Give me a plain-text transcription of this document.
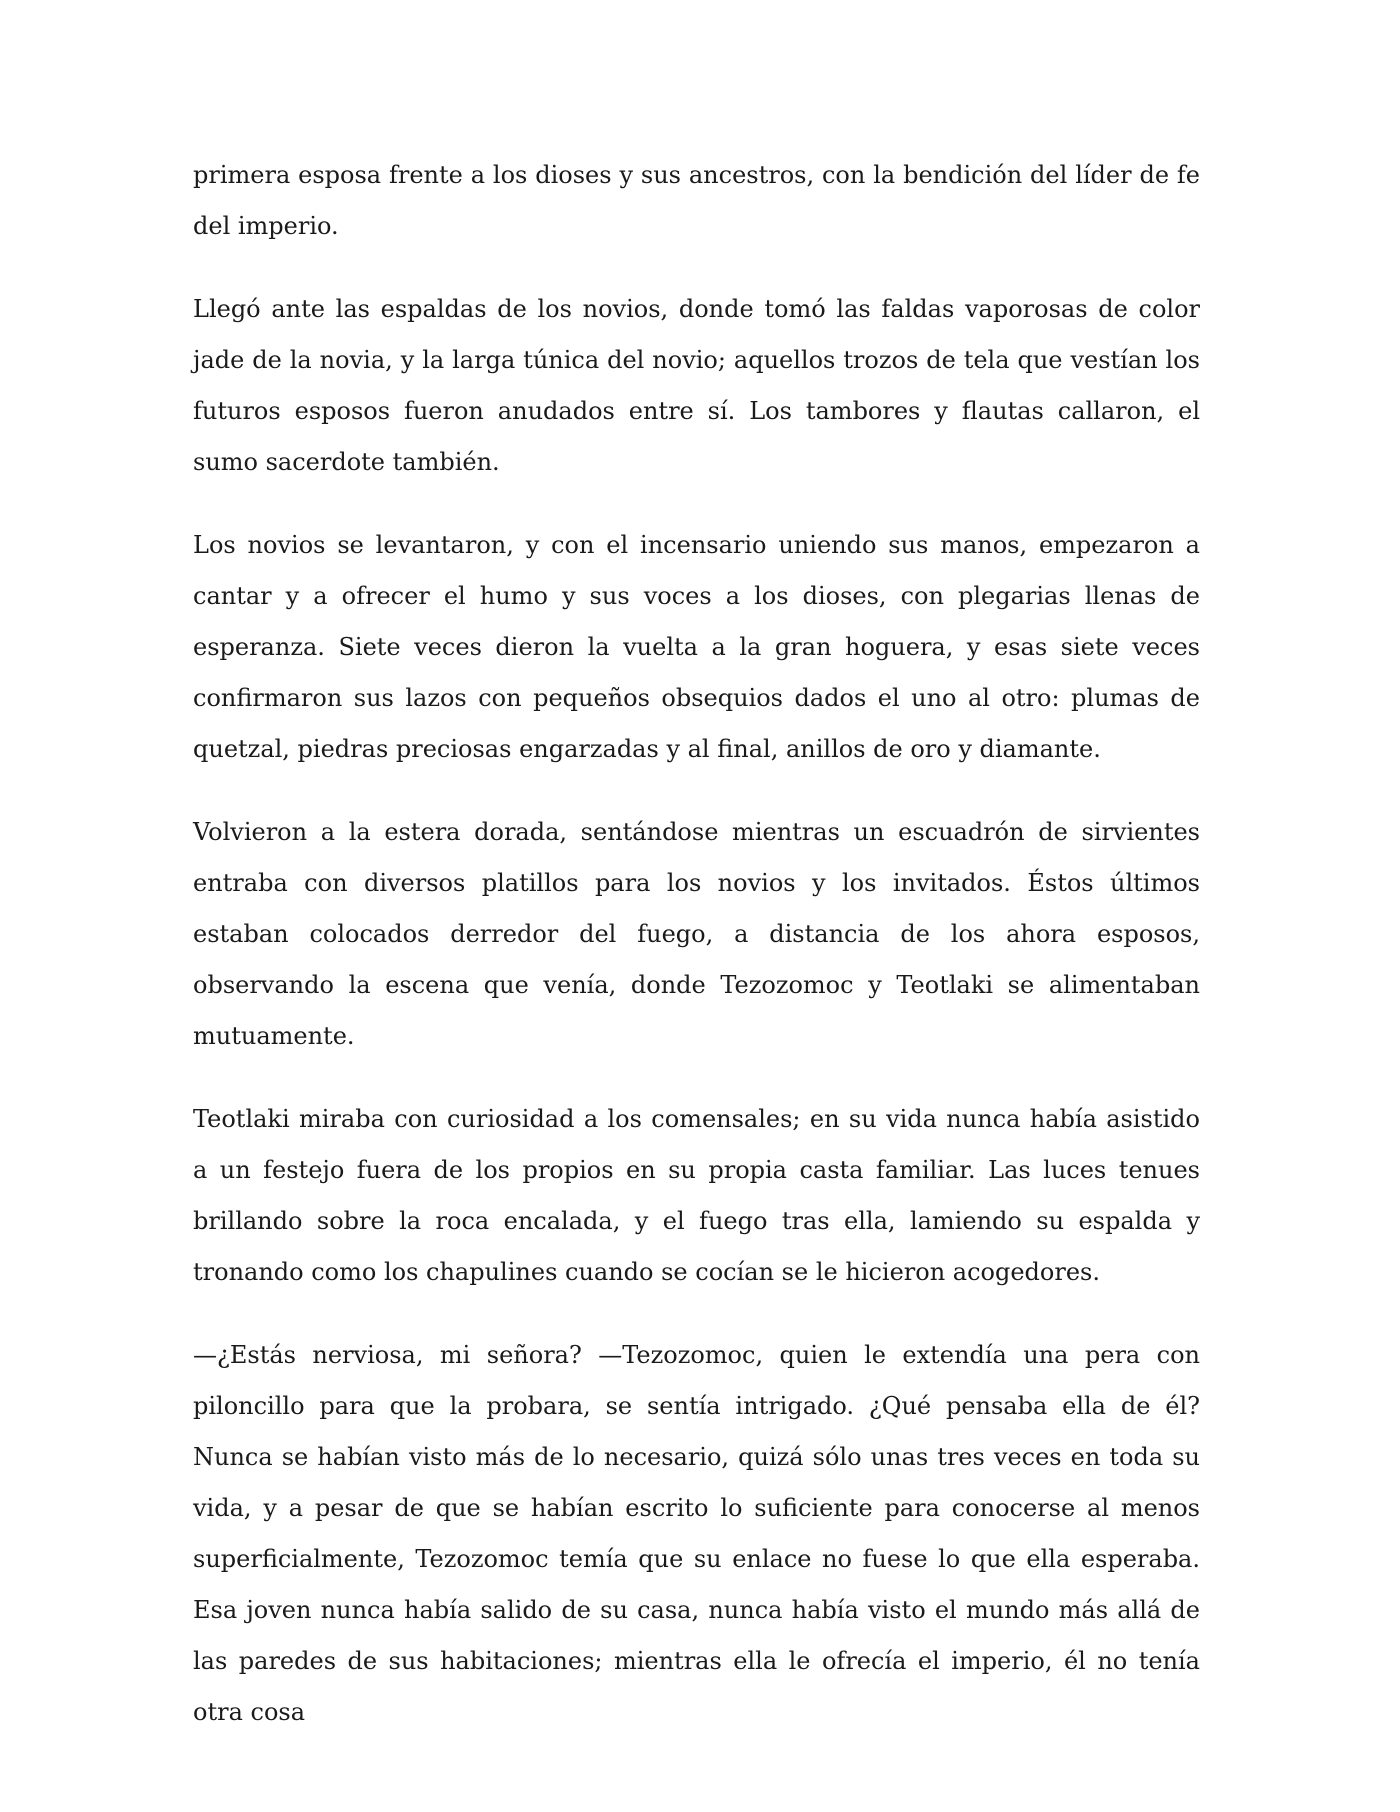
primera esposa frente a los dioses y sus ancestros, con la bendición del líder de fe del imperio.

Llegó ante las espaldas de los novios, donde tomó las faldas vaporosas de color jade de la novia, y la larga túnica del novio; aquellos trozos de tela que vestían los futuros esposos fueron anudados entre sí. Los tambores y flautas callaron, el sumo sacerdote también.

Los novios se levantaron, y con el incensario uniendo sus manos, empezaron a cantar y a ofrecer el humo y sus voces a los dioses, con plegarias llenas de esperanza. Siete veces dieron la vuelta a la gran hoguera, y esas siete veces confirmaron sus lazos con pequeños obsequios dados el uno al otro: plumas de quetzal, piedras preciosas engarzadas y al final, anillos de oro y diamante.

Volvieron a la estera dorada, sentándose mientras un escuadrón de sirvientes entraba con diversos platillos para los novios y los invitados. Éstos últimos estaban colocados derredor del fuego, a distancia de los ahora esposos, observando la escena que venía, donde Tezozomoc y Teotlaki se alimentaban mutuamente.

Teotlaki miraba con curiosidad a los comensales; en su vida nunca había asistido a un festejo fuera de los propios en su propia casta familiar. Las luces tenues brillando sobre la roca encalada, y el fuego tras ella, lamiendo su espalda y tronando como los chapulines cuando se cocían se le hicieron acogedores.

—¿Estás nerviosa, mi señora? —Tezozomoc, quien le extendía una pera con piloncillo para que la probara, se sentía intrigado. ¿Qué pensaba ella de él? Nunca se habían visto más de lo necesario, quizá sólo unas tres veces en toda su vida, y a pesar de que se habían escrito lo suficiente para conocerse al menos superficialmente, Tezozomoc temía que su enlace no fuese lo que ella esperaba. Esa joven nunca había salido de su casa, nunca había visto el mundo más allá de las paredes de sus habitaciones; mientras ella le ofrecía el imperio, él no tenía otra cosa
